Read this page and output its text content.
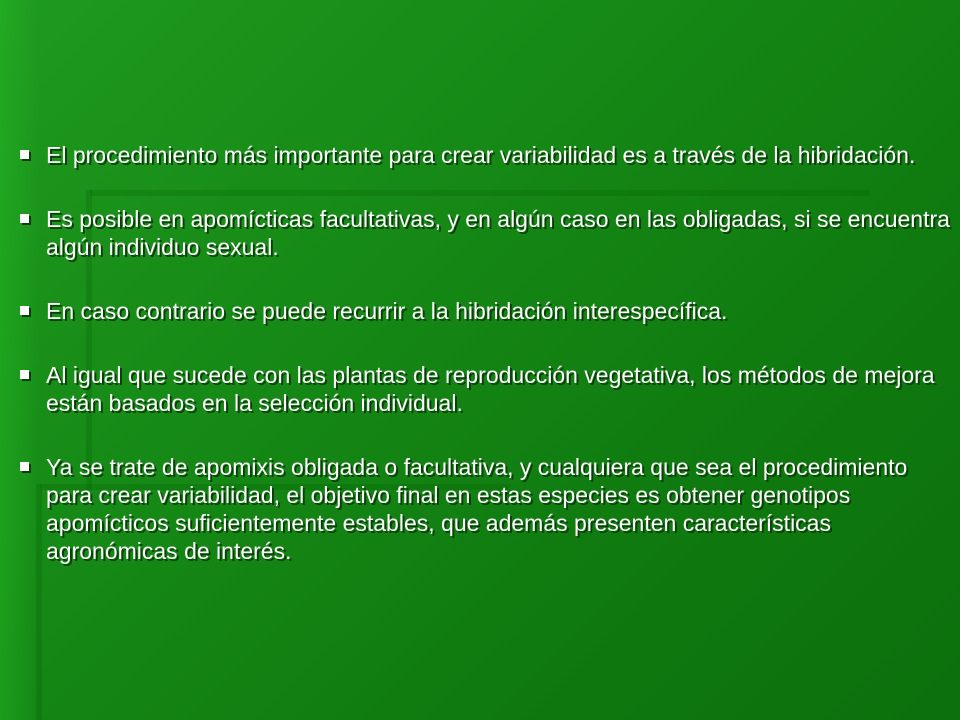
El procedimiento más importante para crear variabilidad es a través de la hibridación.
Es posible en apomícticas facultativas, y en algún caso en las obligadas, si se encuentra algún individuo sexual.
En caso contrario se puede recurrir a la hibridación interespecífica.
Al igual que sucede con las plantas de reproducción vegetativa, los métodos de mejora están basados en la selección individual.
Ya se trate de apomixis obligada o facultativa, y cualquiera que sea el procedimiento para crear variabilidad, el objetivo final en estas especies es obtener genotipos apomícticos suficientemente estables, que además presenten características agronómicas de interés.
